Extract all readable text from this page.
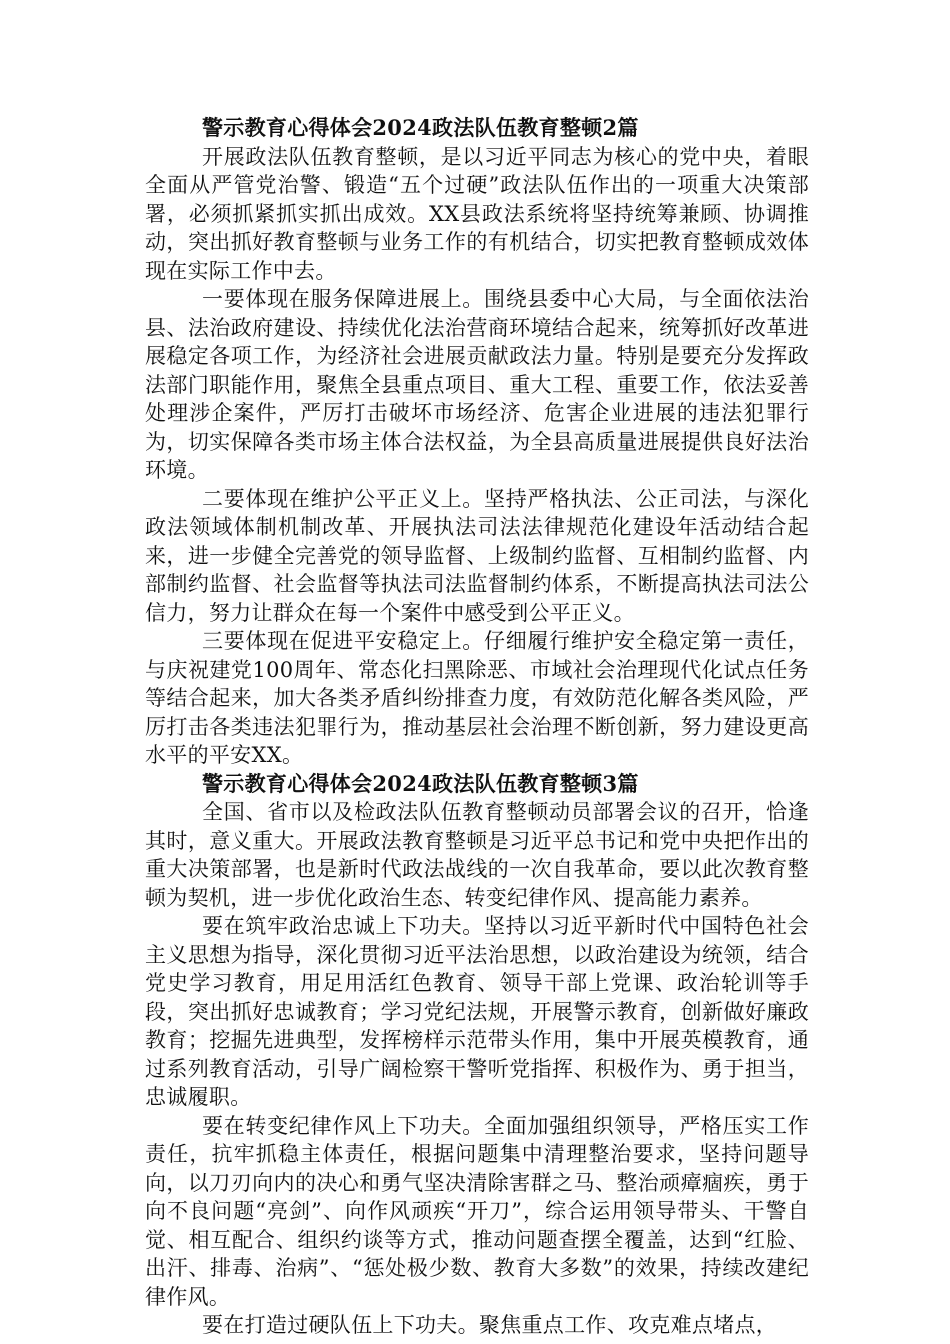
警示教育心得体会2024政法队伍教育整顿2篇

开展政法队伍教育整顿，是以习近平同志为核心的党中央，着眼全面从严管党治警、锻造“五个过硬”政法队伍作出的一项重大决策部署，必须抓紧抓实抓出成效。XX县政法系统将坚持统筹兼顾、协调推动，突出抓好教育整顿与业务工作的有机结合，切实把教育整顿成效体现在实际工作中去。

一要体现在服务保障进展上。围绕县委中心大局，与全面依法治县、法治政府建设、持续优化法治营商环境结合起来，统筹抓好改革进展稳定各项工作，为经济社会进展贡献政法力量。特别是要充分发挥政法部门职能作用，聚焦全县重点项目、重大工程、重要工作，依法妥善处理涉企案件，严厉打击破坏市场经济、危害企业进展的违法犯罪行为，切实保障各类市场主体合法权益，为全县高质量进展提供良好法治环境。

二要体现在维护公平正义上。坚持严格执法、公正司法，与深化政法领域体制机制改革、开展执法司法法律规范化建设年活动结合起来，进一步健全完善党的领导监督、上级制约监督、互相制约监督、内部制约监督、社会监督等执法司法监督制约体系，不断提高执法司法公信力，努力让群众在每一个案件中感受到公平正义。

三要体现在促进平安稳定上。仔细履行维护安全稳定第一责任，与庆祝建党100周年、常态化扫黑除恶、市域社会治理现代化试点任务等结合起来，加大各类矛盾纠纷排查力度，有效防范化解各类风险，严厉打击各类违法犯罪行为，推动基层社会治理不断创新，努力建设更高水平的平安XX。

警示教育心得体会2024政法队伍教育整顿3篇

全国、省市以及检政法队伍教育整顿动员部署会议的召开，恰逢其时，意义重大。开展政法教育整顿是习近平总书记和党中央把作出的重大决策部署，也是新时代政法战线的一次自我革命，要以此次教育整顿为契机，进一步优化政治生态、转变纪律作风、提高能力素养。

要在筑牢政治忠诚上下功夫。坚持以习近平新时代中国特色社会主义思想为指导，深化贯彻习近平法治思想，以政治建设为统领，结合党史学习教育，用足用活红色教育、领导干部上党课、政治轮训等手段，突出抓好忠诚教育；学习党纪法规，开展警示教育，创新做好廉政教育；挖掘先进典型，发挥榜样示范带头作用，集中开展英模教育，通过系列教育活动，引导广阔检察干警听党指挥、积极作为、勇于担当，忠诚履职。

要在转变纪律作风上下功夫。全面加强组织领导，严格压实工作责任，抗牢抓稳主体责任，根据问题集中清理整治要求，坚持问题导向，以刀刃向内的决心和勇气坚决清除害群之马、整治顽瘴痼疾，勇于向不良问题“亮剑”、向作风顽疾“开刀”，综合运用领导带头、干警自觉、相互配合、组织约谈等方式，推动问题查摆全覆盖，达到“红脸、出汗、排毒、治病”、“惩处极少数、教育大多数”的效果，持续改建纪律作风。

要在打造过硬队伍上下功夫。聚焦重点工作、攻克难点堵点，
